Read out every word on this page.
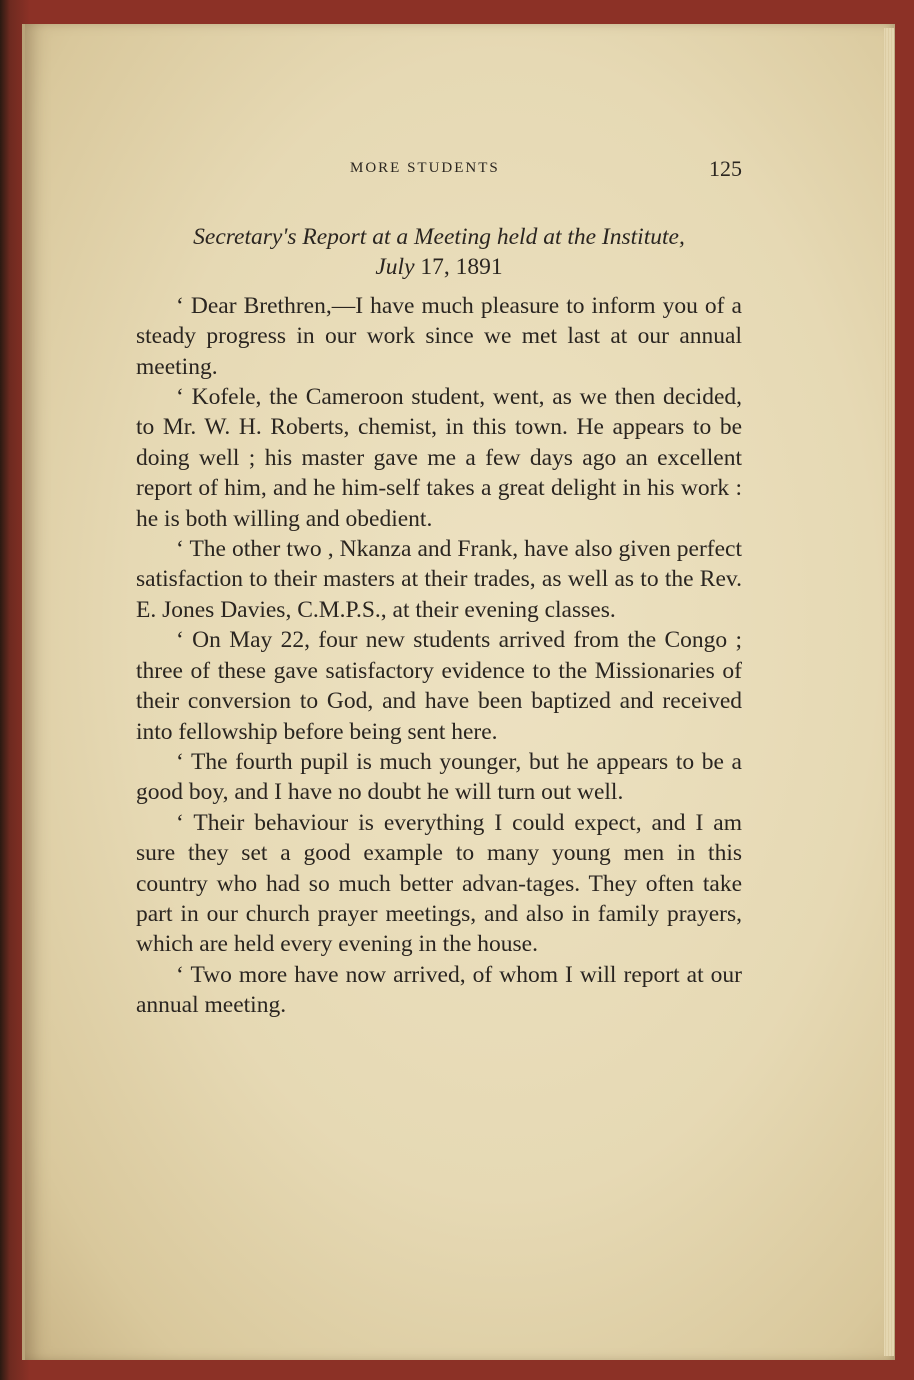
MORE STUDENTS	125
Secretary's Report at a Meeting held at the Institute,
July 17, 1891

‘ Dear Brethren,—I have much pleasure to inform you of a steady progress in our work since we met last at our annual meeting.

‘ Kofele, the Cameroon student, went, as we then decided, to Mr. W. H. Roberts, chemist, in this town. He appears to be doing well ; his master gave me a few days ago an excellent report of him, and he him-self takes a great delight in his work : he is both willing and obedient.

‘ The other two , Nkanza and Frank, have also given perfect satisfaction to their masters at their trades, as well as to the Rev. E. Jones Davies, C.M.P.S., at their evening classes.

‘ On May 22, four new students arrived from the Congo ; three of these gave satisfactory evidence to the Missionaries of their conversion to God, and have been baptized and received into fellowship before being sent here.

‘ The fourth pupil is much younger, but he appears to be a good boy, and I have no doubt he will turn out well.

‘ Their behaviour is everything I could expect, and I am sure they set a good example to many young men in this country who had so much better advan-tages. They often take part in our church prayer meetings, and also in family prayers, which are held every evening in the house.

‘ Two more have now arrived, of whom I will report at our annual meeting.
